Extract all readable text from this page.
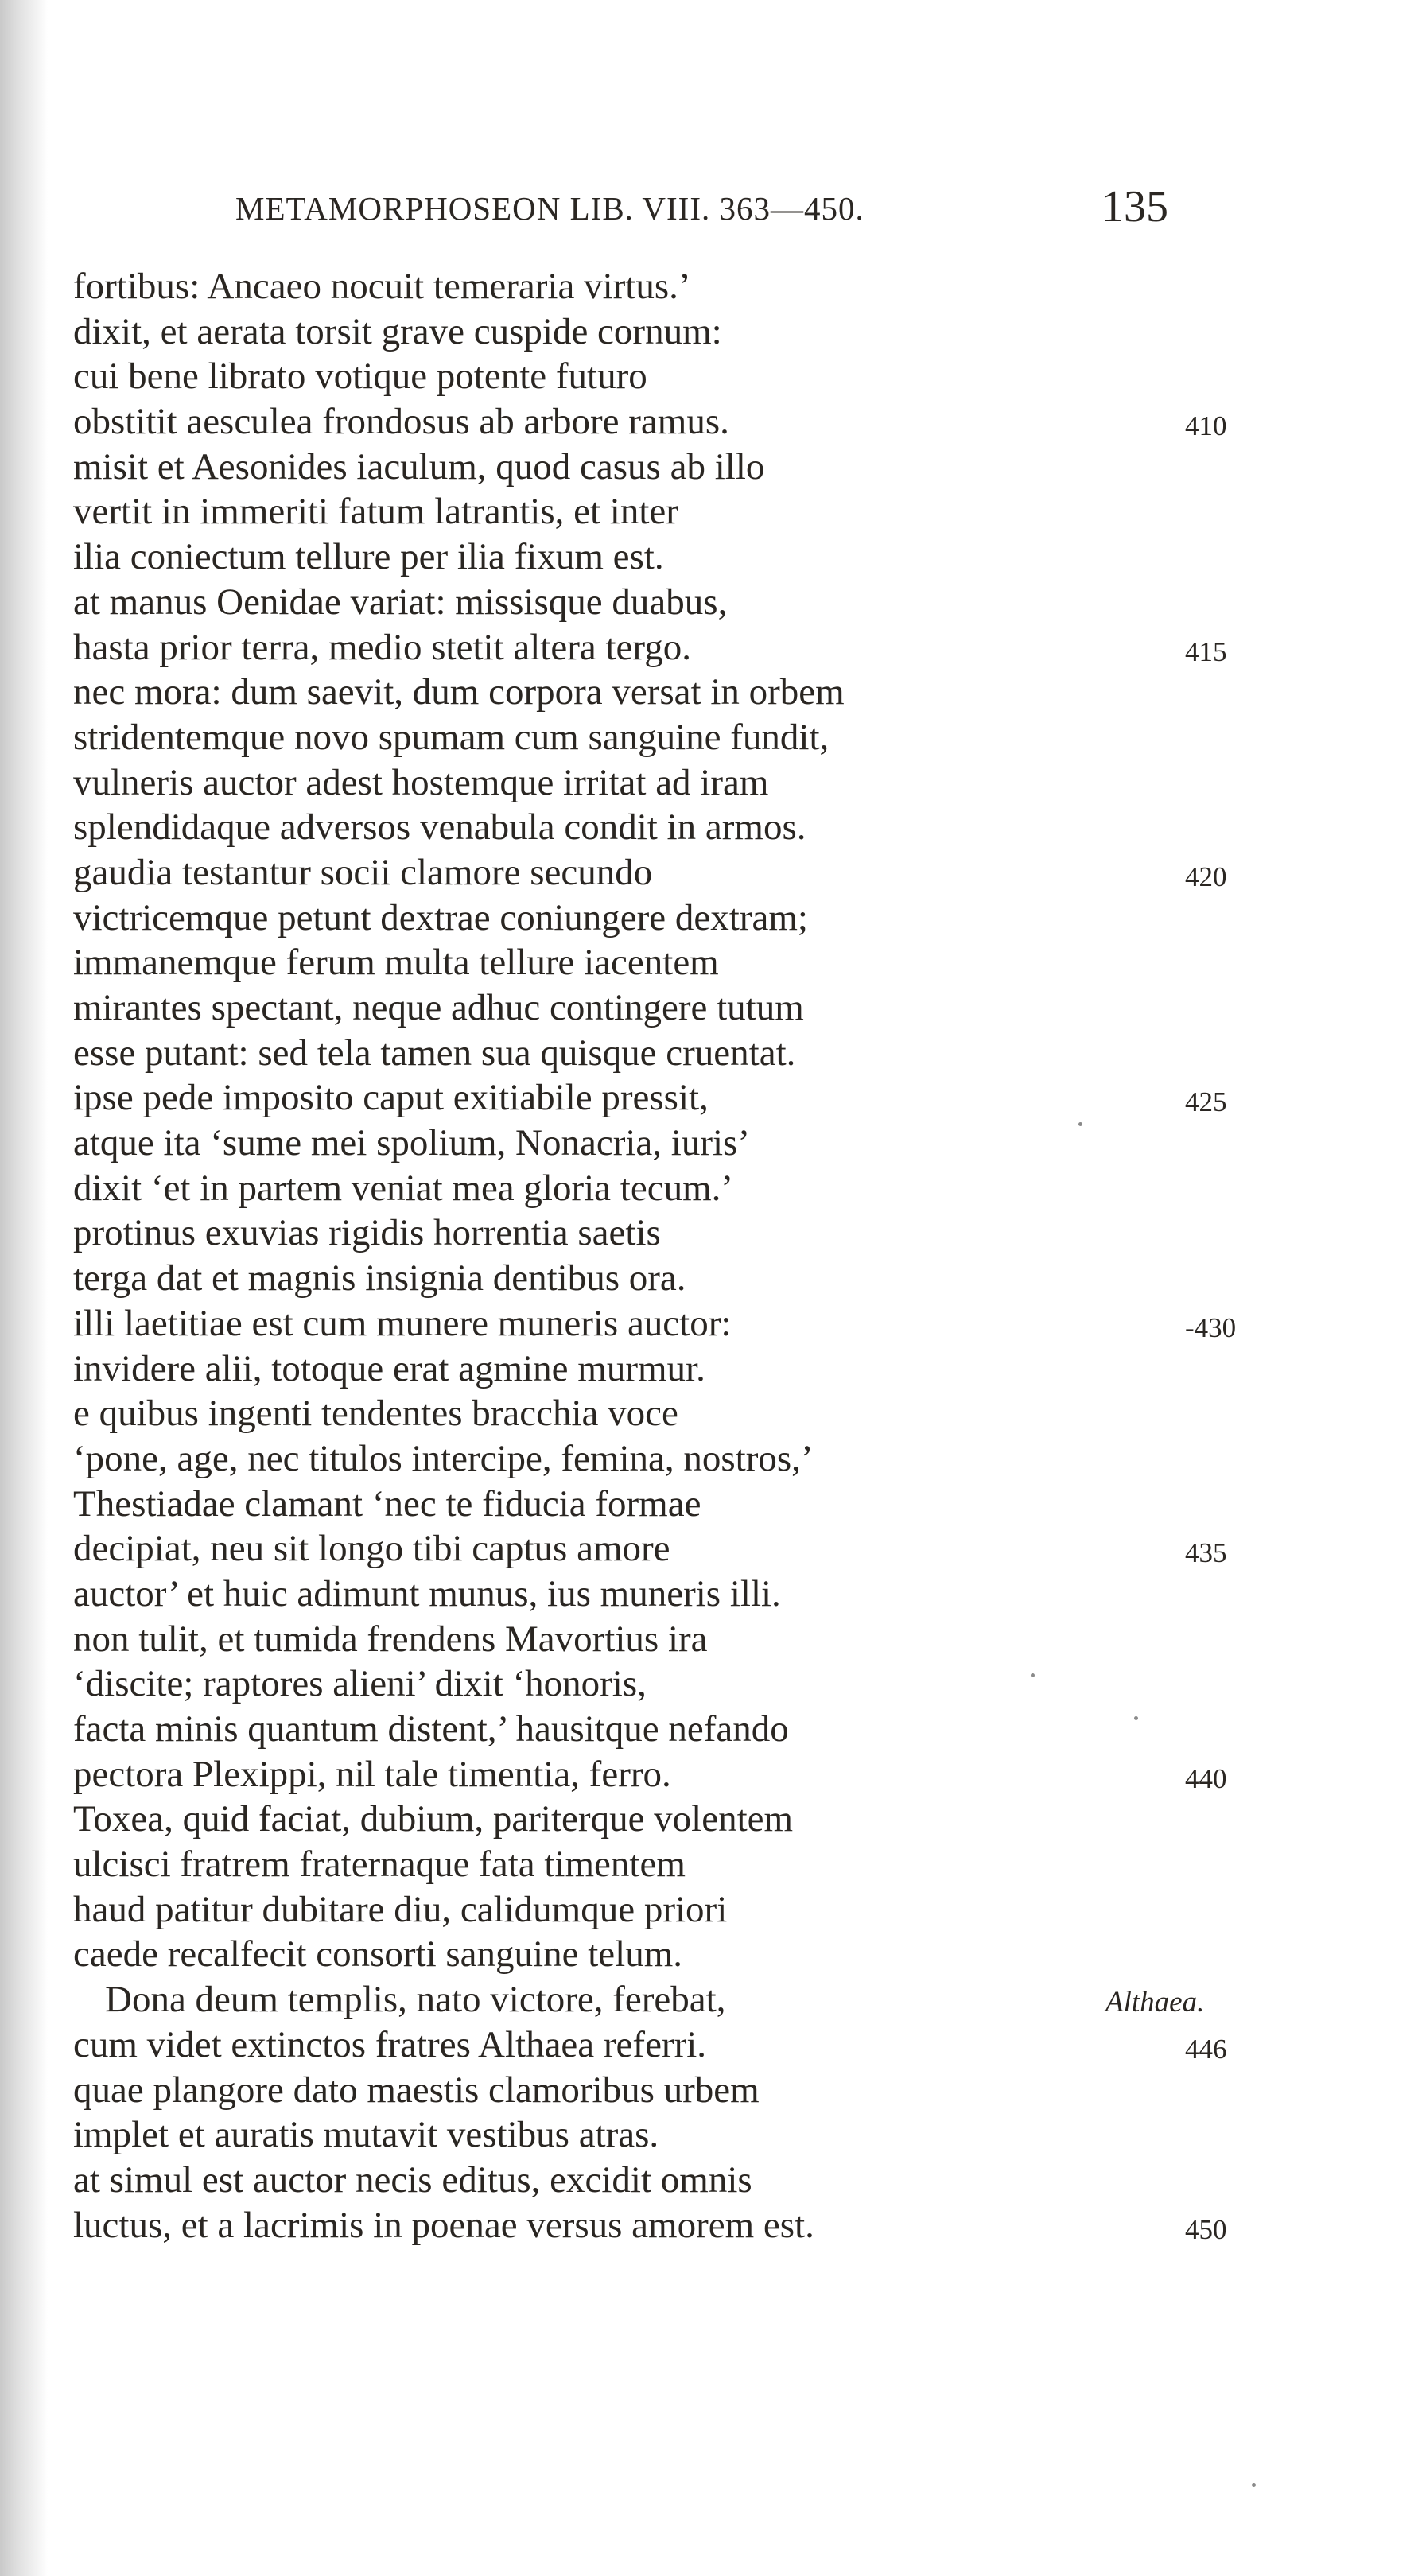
METAMORPHOSEON LIB. VIII. 363—450.	135
fortibus: Ancaeo nocuit temeraria virtus.’
dixit, et aerata torsit grave cuspide cornum:
cui bene librato votique potente futuro
obstitit aesculea frondosus ab arbore ramus.	410
misit et Aesonides iaculum, quod casus ab illo
vertit in immeriti fatum latrantis, et inter
ilia coniectum tellure per ilia fixum est.
at manus Oenidae variat: missisque duabus,
hasta prior terra, medio stetit altera tergo.	415
nec mora: dum saevit, dum corpora versat in orbem
stridentemque novo spumam cum sanguine fundit,
vulneris auctor adest hostemque irritat ad iram
splendidaque adversos venabula condit in armos.
gaudia testantur socii clamore secundo	420
victricemque petunt dextrae coniungere dextram;
immanemque ferum multa tellure iacentem
mirantes spectant, neque adhuc contingere tutum
esse putant: sed tela tamen sua quisque cruentat.
ipse pede imposito caput exitiabile pressit,	425
atque ita ‘sume mei spolium, Nonacria, iuris’
dixit ‘et in partem veniat mea gloria tecum.’
protinus exuvias rigidis horrentia saetis
terga dat et magnis insignia dentibus ora.
illi laetitiae est cum munere muneris auctor:	-430
invidere alii, totoque erat agmine murmur.
e quibus ingenti tendentes bracchia voce
‘pone, age, nec titulos intercipe, femina, nostros,’
Thestiadae clamant ‘nec te fiducia formae
decipiat, neu sit longo tibi captus amore	435
auctor’ et huic adimunt munus, ius muneris illi.
non tulit, et tumida frendens Mavortius ira
‘discite; raptores alieni’ dixit ‘honoris,
facta minis quantum distent,’ hausitque nefando
pectora Plexippi, nil tale timentia, ferro.	440
Toxea, quid faciat, dubium, pariterque volentem
ulcisci fratrem fraternaque fata timentem
haud patitur dubitare diu, calidumque priori
caede recalfecit consorti sanguine telum.
Dona deum templis, nato victore, ferebat,	Althaea.
cum videt extinctos fratres Althaea referri.	446
quae plangore dato maestis clamoribus urbem
implet et auratis mutavit vestibus atras.
at simul est auctor necis editus, excidit omnis
luctus, et a lacrimis in poenae versus amorem est.	450
